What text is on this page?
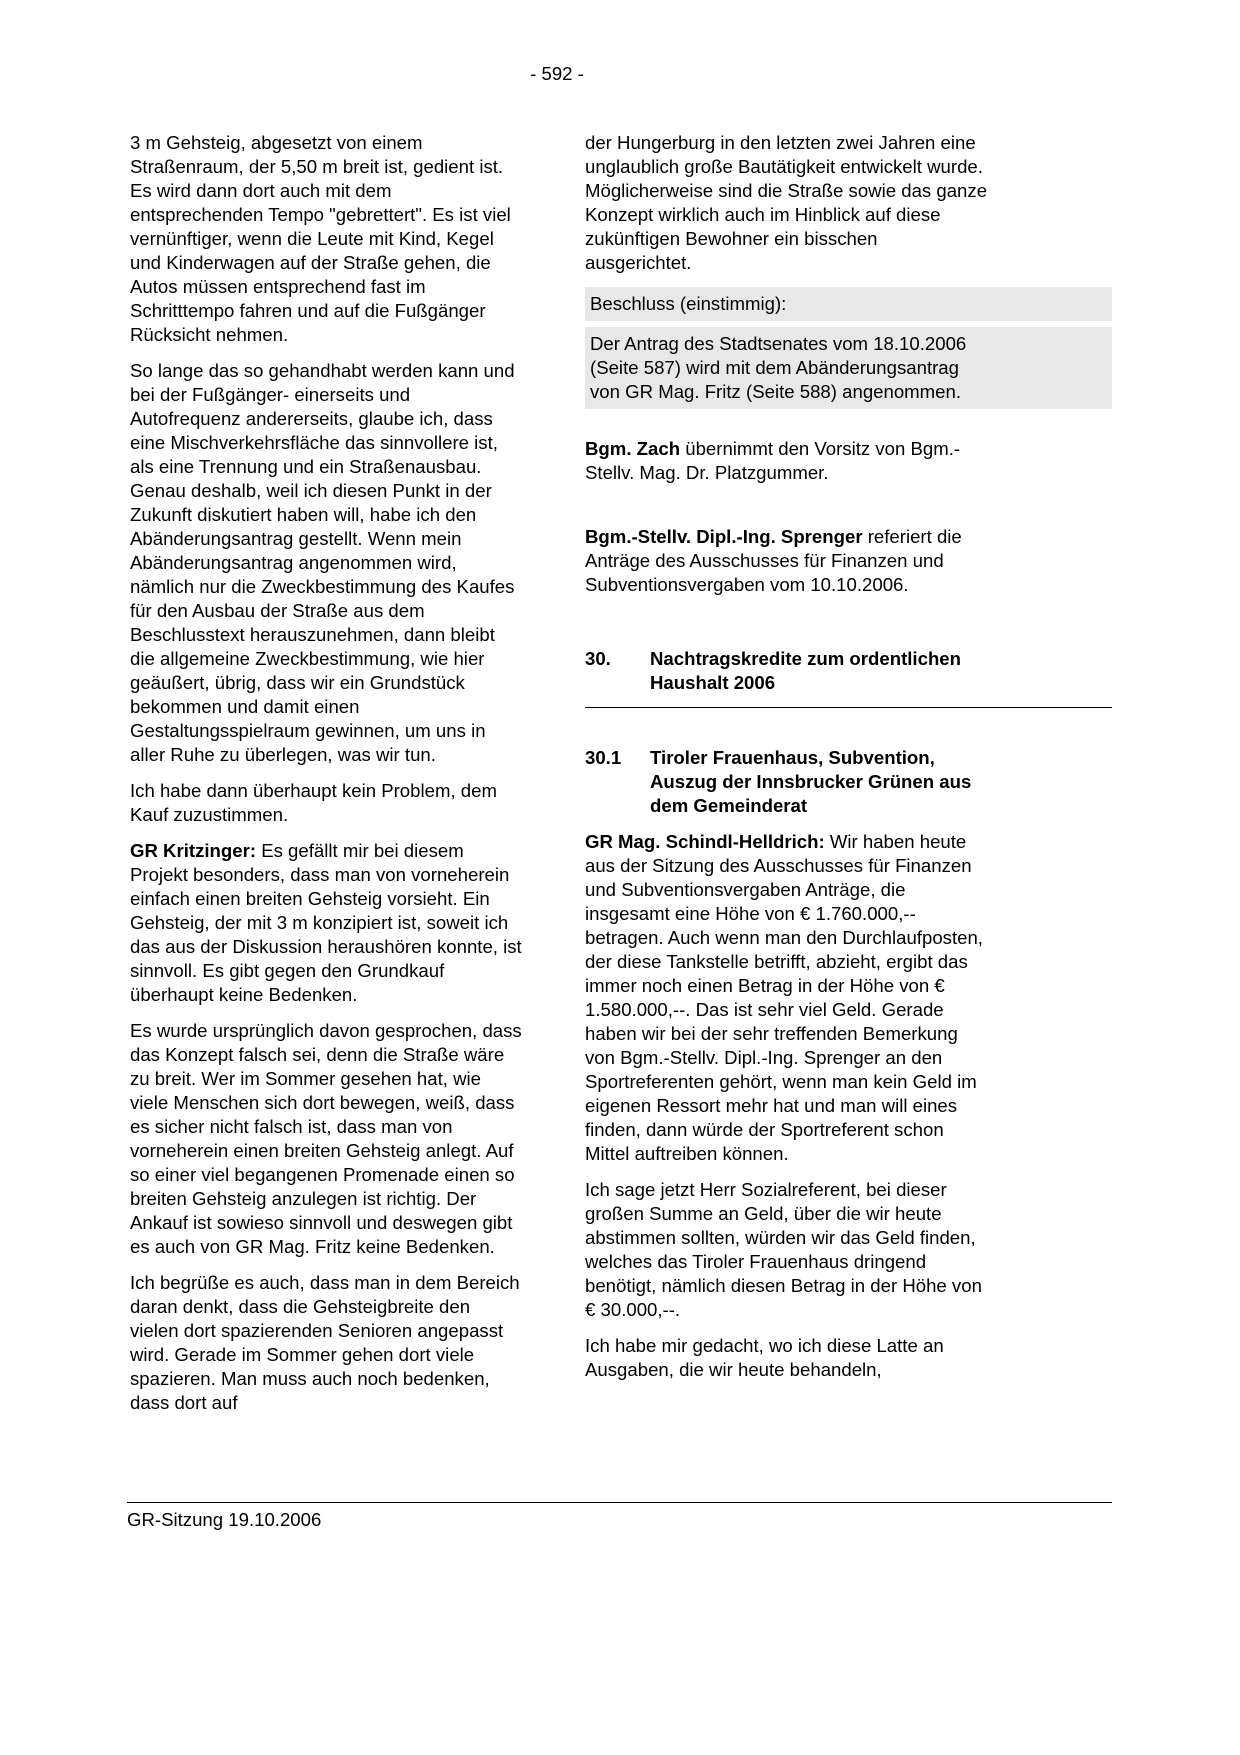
- 592 -

3 m Gehsteig, abgesetzt von einem Straßenraum, der 5,50 m breit ist, gedient ist. Es wird dann dort auch mit dem entsprechenden Tempo "gebrettert". Es ist viel vernünftiger, wenn die Leute mit Kind, Kegel und Kinderwagen auf der Straße gehen, die Autos müssen entsprechend fast im Schritttempo fahren und auf die Fußgänger Rücksicht nehmen.

So lange das so gehandhabt werden kann und bei der Fußgänger- einerseits und Autofrequenz andererseits, glaube ich, dass eine Mischverkehrsfläche das sinnvollere ist, als eine Trennung und ein Straßenausbau. Genau deshalb, weil ich diesen Punkt in der Zukunft diskutiert haben will, habe ich den Abänderungsantrag gestellt. Wenn mein Abänderungsantrag angenommen wird, nämlich nur die Zweckbestimmung des Kaufes für den Ausbau der Straße aus dem Beschlusstext herauszunehmen, dann bleibt die allgemeine Zweckbestimmung, wie hier geäußert, übrig, dass wir ein Grundstück bekommen und damit einen Gestaltungsspielraum gewinnen, um uns in aller Ruhe zu überlegen, was wir tun.

Ich habe dann überhaupt kein Problem, dem Kauf zuzustimmen.

GR Kritzinger: Es gefällt mir bei diesem Projekt besonders, dass man von vorneherein einfach einen breiten Gehsteig vorsieht. Ein Gehsteig, der mit 3 m konzipiert ist, soweit ich das aus der Diskussion heraushören konnte, ist sinnvoll. Es gibt gegen den Grundkauf überhaupt keine Bedenken.

Es wurde ursprünglich davon gesprochen, dass das Konzept falsch sei, denn die Straße wäre zu breit. Wer im Sommer gesehen hat, wie viele Menschen sich dort bewegen, weiß, dass es sicher nicht falsch ist, dass man von vorneherein einen breiten Gehsteig anlegt. Auf so einer viel begangenen Promenade einen so breiten Gehsteig anzulegen ist richtig. Der Ankauf ist sowieso sinnvoll und deswegen gibt es auch von GR Mag. Fritz keine Bedenken.

Ich begrüße es auch, dass man in dem Bereich daran denkt, dass die Gehsteigbreite den vielen dort spazierenden Senioren angepasst wird. Gerade im Sommer gehen dort viele spazieren. Man muss auch noch bedenken, dass dort auf

der Hungerburg in den letzten zwei Jahren eine unglaublich große Bautätigkeit entwickelt wurde. Möglicherweise sind die Straße sowie das ganze Konzept wirklich auch im Hinblick auf diese zukünftigen Bewohner ein bisschen ausgerichtet.

Beschluss (einstimmig):

Der Antrag des Stadtsenates vom 18.10.2006 (Seite 587) wird mit dem Abänderungsantrag von GR Mag. Fritz (Seite 588) angenommen.

Bgm. Zach übernimmt den Vorsitz von Bgm.-Stellv. Mag. Dr. Platzgummer.

Bgm.-Stellv. Dipl.-Ing. Sprenger referiert die Anträge des Ausschusses für Finanzen und Subventionsvergaben vom 10.10.2006.

30.	Nachtragskredite zum ordentlichen Haushalt 2006
30.1	Tiroler Frauenhaus, Subvention, Auszug der Innsbrucker Grünen aus dem Gemeinderat

GR Mag. Schindl-Helldrich: Wir haben heute aus der Sitzung des Ausschusses für Finanzen und Subventionsvergaben Anträge, die insgesamt eine Höhe von € 1.760.000,-- betragen. Auch wenn man den Durchlaufposten, der diese Tankstelle betrifft, abzieht, ergibt das immer noch einen Betrag in der Höhe von € 1.580.000,--. Das ist sehr viel Geld. Gerade haben wir bei der sehr treffenden Bemerkung von Bgm.-Stellv. Dipl.-Ing. Sprenger an den Sportreferenten gehört, wenn man kein Geld im eigenen Ressort mehr hat und man will eines finden, dann würde der Sportreferent schon Mittel auftreiben können.

Ich sage jetzt Herr Sozialreferent, bei dieser großen Summe an Geld, über die wir heute abstimmen sollten, würden wir das Geld finden, welches das Tiroler Frauenhaus dringend benötigt, nämlich diesen Betrag in der Höhe von € 30.000,--.

Ich habe mir gedacht, wo ich diese Latte an Ausgaben, die wir heute behandeln,

GR-Sitzung 19.10.2006
